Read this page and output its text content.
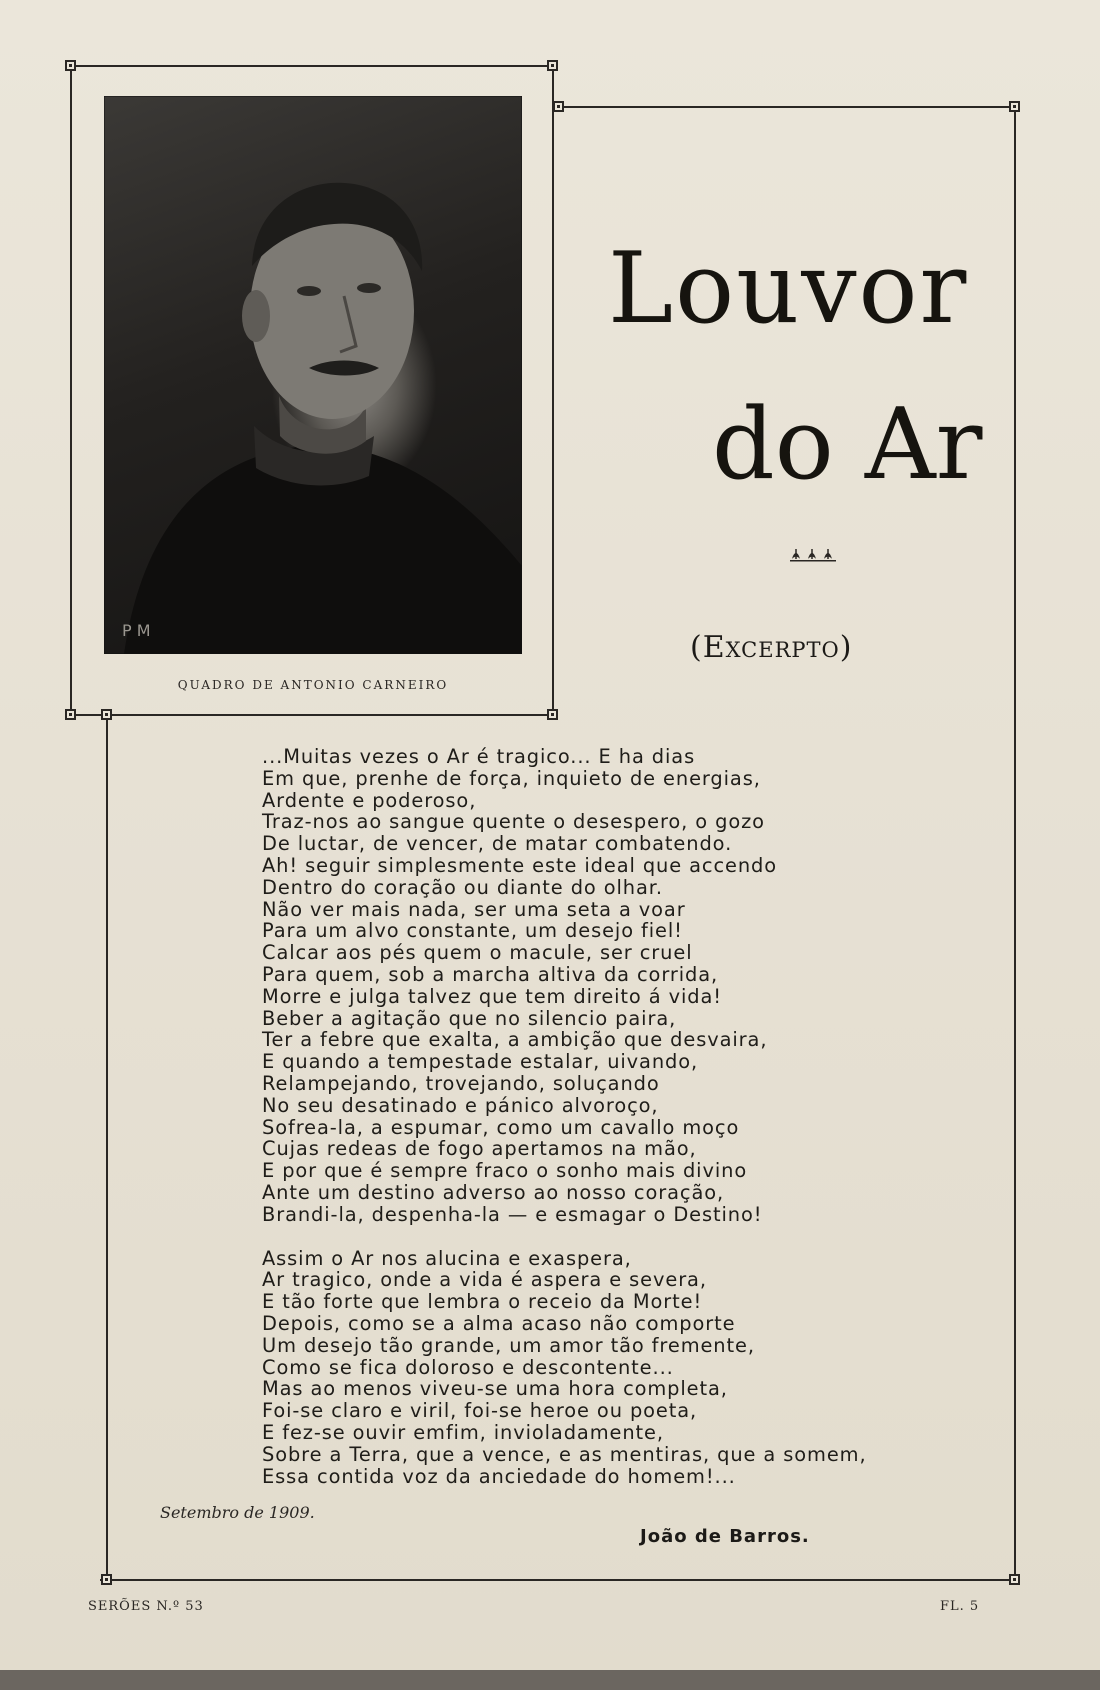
P M
QUADRO DE ANTONIO CARNEIRO
Louvor
do Ar
(Excerpto)
...Muitas vezes o Ar é tragico... E ha dias
Em que, prenhe de força, inquieto de energias,
Ardente e poderoso,
Traz-nos ao sangue quente o desespero, o gozo
De luctar, de vencer, de matar combatendo.
Ah! seguir simplesmente este ideal que accendo
Dentro do coração ou diante do olhar.
Não ver mais nada, ser uma seta a voar
Para um alvo constante, um desejo fiel!
Calcar aos pés quem o macule, ser cruel
Para quem, sob a marcha altiva da corrida,
Morre e julga talvez que tem direito á vida!
Beber a agitação que no silencio paira,
Ter a febre que exalta, a ambição que desvaira,
E quando a tempestade estalar, uivando,
Relampejando, trovejando, soluçando
No seu desatinado e pánico alvoroço,
Sofrea-la, a espumar, como um cavallo moço
Cujas redeas de fogo apertamos na mão,
E por que é sempre fraco o sonho mais divino
Ante um destino adverso ao nosso coração,
Brandi-la, despenha-la — e esmagar o Destino!
Assim o Ar nos alucina e exaspera,
Ar tragico, onde a vida é aspera e severa,
E tão forte que lembra o receio da Morte!
Depois, como se a alma acaso não comporte
Um desejo tão grande, um amor tão fremente,
Como se fica doloroso e descontente...
Mas ao menos viveu-se uma hora completa,
Foi-se claro e viril, foi-se heroe ou poeta,
E fez-se ouvir emfim, invioladamente,
Sobre a Terra, que a vence, e as mentiras, que a somem,
Essa contida voz da anciedade do homem!...
Setembro de 1909.
João de Barros.
SERÕES N.º 53	FL. 5
